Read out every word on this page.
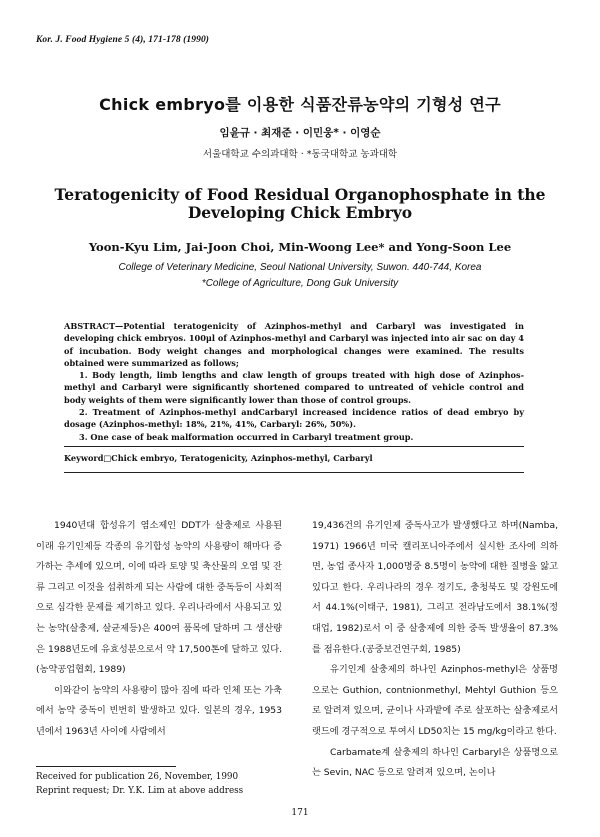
Kor. J. Food Hygiene 5 (4), 171-178 (1990)
Chick embryo를 이용한 식품잔류농약의 기형성 연구
임윤규 · 최재준 · 이민웅* · 이영순
서울대학교 수의과대학 · *동국대학교 농과대학
Teratogenicity of Food Residual Organophosphate in the
Developing Chick Embryo
Yoon-Kyu Lim, Jai-Joon Choi, Min-Woong Lee* and Yong-Soon Lee
College of Veterinary Medicine, Seoul National University, Suwon. 440-744, Korea
*College of Agriculture, Dong Guk University

ABSTRACT—Potential teratogenicity of Azinphos-methyl and Carbaryl was investigated in developing chick embryos. 100μl of Azinphos-methyl and Carbaryl was injected into air sac on day 4 of incubation. Body weight changes and morphological changes were examined. The results obtained were summarized as follows;

1. Body length, limb lengths and claw length of groups treated with high dose of Azinphos-methyl and Carbaryl were significantly shortened compared to untreated of vehicle control and body weights of them were significantly lower than those of control groups.

2. Treatment of Azinphos-methyl andCarbaryl increased incidence ratios of dead embryo by dosage (Azinphos-methyl: 18%, 21%, 41%, Carbaryl: 26%, 50%).

3. One case of beak malformation occurred in Carbaryl treatment group.

Keyword□Chick embryo, Teratogenicity, Azinphos-methyl, Carbaryl

1940년대 합성유기 염소제인 DDT가 살충제로 사용된 이래 유기인제등 각종의 유기합성 농약의 사용량이 해마다 증가하는 추세에 있으며, 이에 따라 토양 및 축산물의 오염 및 잔류 그리고 이것을 섭취하게 되는 사람에 대한 중독등이 사회적으로 심각한 문제를 제기하고 있다. 우리나라에서 사용되고 있는 농약(살충제, 살균제등)은 400여 품목에 달하며 그 생산량은 1988년도에 유효성분으로서 약 17,500톤에 달하고 있다.(농약공업협회, 1989)

이와같이 농약의 사용량이 많아 짐에 따라 인체 또는 가축에서 농약 중독이 빈번히 발생하고 있다. 일본의 경우, 1953년에서 1963년 사이에 사람에서

19,436건의 유기인제 중독사고가 발생했다고 하며(Namba, 1971) 1966년 미국 캘리포니아주에서 실시한 조사에 의하면, 농업 종사자 1,000명중 8.5명이 농약에 대한 질병을 앓고 있다고 한다. 우리나라의 경우 경기도, 충청북도 및 강원도에서 44.1%(이태구, 1981), 그리고 전라남도에서 38.1%(정대업, 1982)로서 이 중 살충제에 의한 중독 발생율이 87.3%를 점유한다.(공중보건연구회, 1985)

유기인계 살충제의 하나인 Azinphos-methyl은 상품명으로는 Guthion, contnionmethyl, Mehtyl Guthion 등으로 알려져 있으며, 균이나 사과밭에 주로 살포하는 살충제로서 랫드에 경구적으로 투여시 LD50치는 15 mg/kg이라고 한다.

Carbamate계 살충제의 하나인 Carbaryl은 상품명으로는 Sevin, NAC 등으로 알려져 있으며, 논이나

Received for publication 26, November, 1990
Reprint request; Dr. Y.K. Lim at above address
171
